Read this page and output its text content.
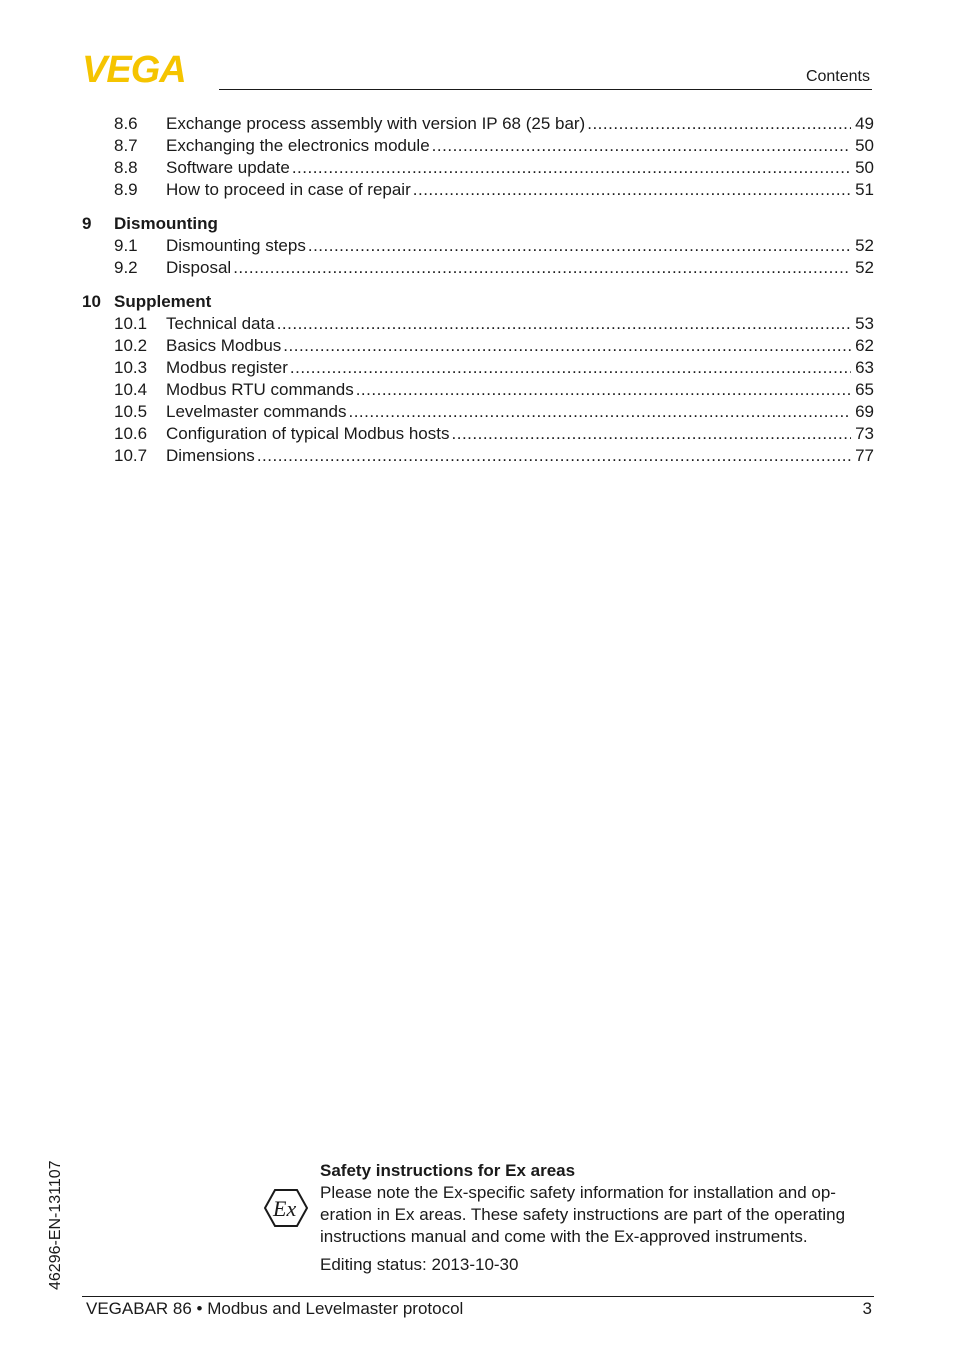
VEGA	Contents
8.6	Exchange process assembly with version IP 68 (25 bar) .....	49
8.7	Exchanging the electronics module .....	50
8.8	Software update .....	50
8.9	How to proceed in case of repair .....	51
9	Dismounting
9.1	Dismounting steps .....	52
9.2	Disposal .....	52
10 Supplement
10.1	Technical data .....	53
10.2	Basics Modbus .....	62
10.3	Modbus register .....	63
10.4	Modbus RTU commands .....	65
10.5	Levelmaster commands .....	69
10.6	Configuration of typical Modbus hosts .....	73
10.7	Dimensions .....	77
46296-EN-131107	Ex
Safety instructions for Ex areas
Please note the Ex-specific safety information for installation and op- eration in Ex areas. These safety instructions are part of the operating instructions manual and come with the Ex-approved instruments.
Editing status: 2013-10-30
VEGABAR 86 • Modbus and Levelmaster protocol	3
